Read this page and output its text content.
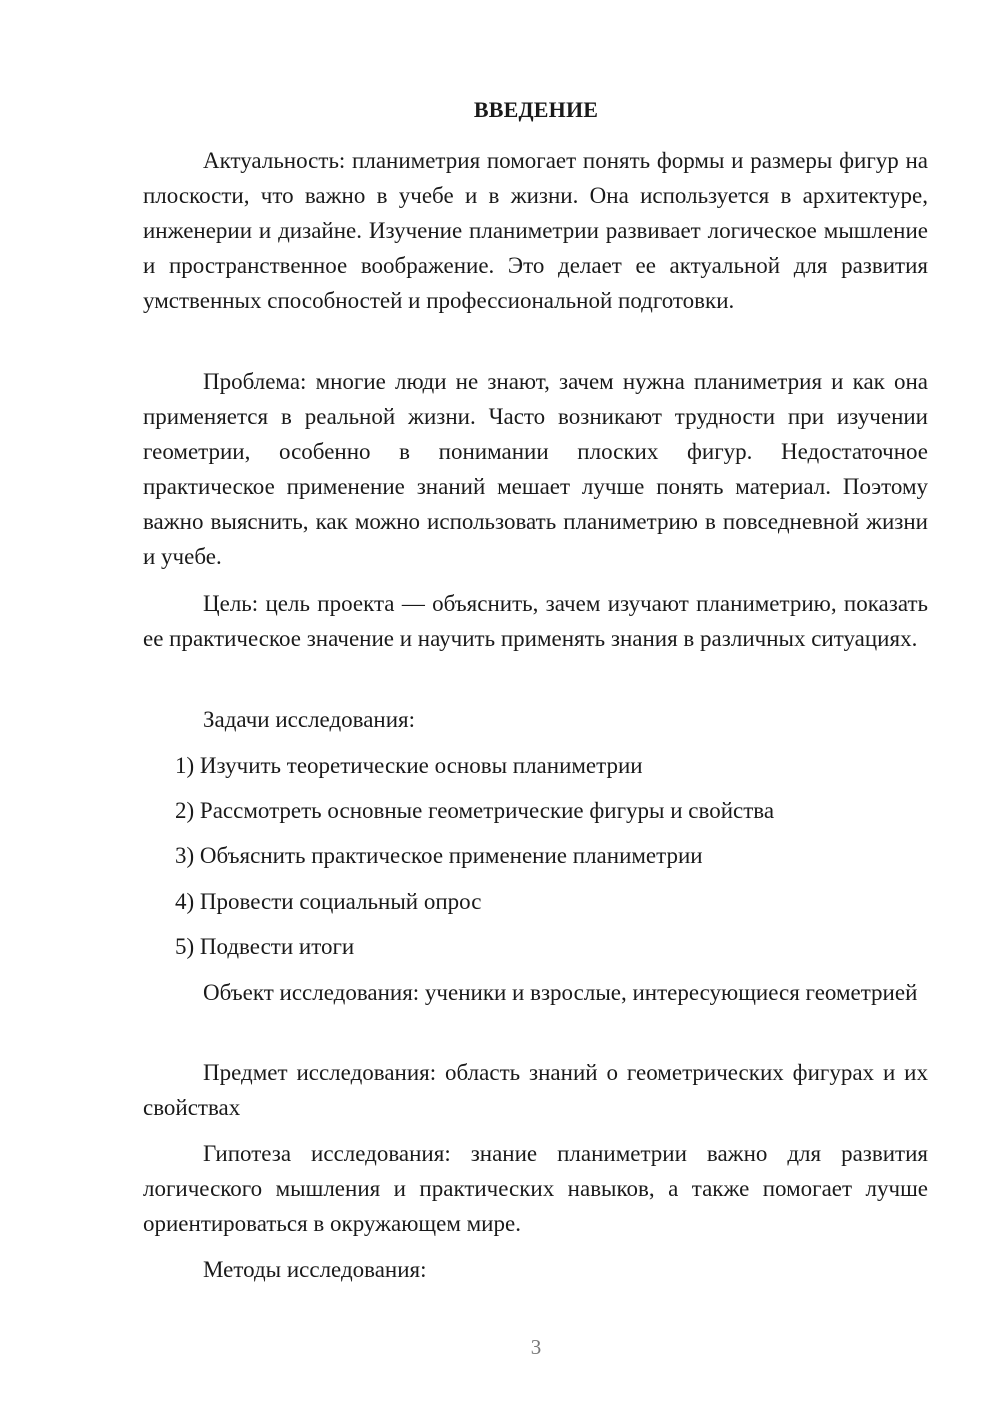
ВВЕДЕНИЕ

Актуальность: планиметрия помогает понять формы и размеры фигур на плоскости, что важно в учебе и в жизни. Она используется в архитектуре, инженерии и дизайне. Изучение планиметрии развивает логическое мышление и пространственное воображение. Это делает ее актуальной для развития умственных способностей и профессиональной подготовки.

Проблема: многие люди не знают, зачем нужна планиметрия и как она применяется в реальной жизни. Часто возникают трудности при изучении геометрии, особенно в понимании плоских фигур. Недостаточное практическое применение знаний мешает лучше понять материал. Поэтому важно выяснить, как можно использовать планиметрию в повседневной жизни и учебе.

Цель: цель проекта — объяснить, зачем изучают планиметрию, показать ее практическое значение и научить применять знания в различных ситуациях.

Задачи исследования:

1) Изучить теоретические основы планиметрии

2) Рассмотреть основные геометрические фигуры и свойства

3) Объяснить практическое применение планиметрии

4) Провести социальный опрос

5) Подвести итоги

Объект исследования: ученики и взрослые, интересующиеся геометрией

Предмет исследования: область знаний о геометрических фигурах и их свойствах

Гипотеза исследования: знание планиметрии важно для развития логического мышления и практических навыков, а также помогает лучше ориентироваться в окружающем мире.

Методы исследования:

3
